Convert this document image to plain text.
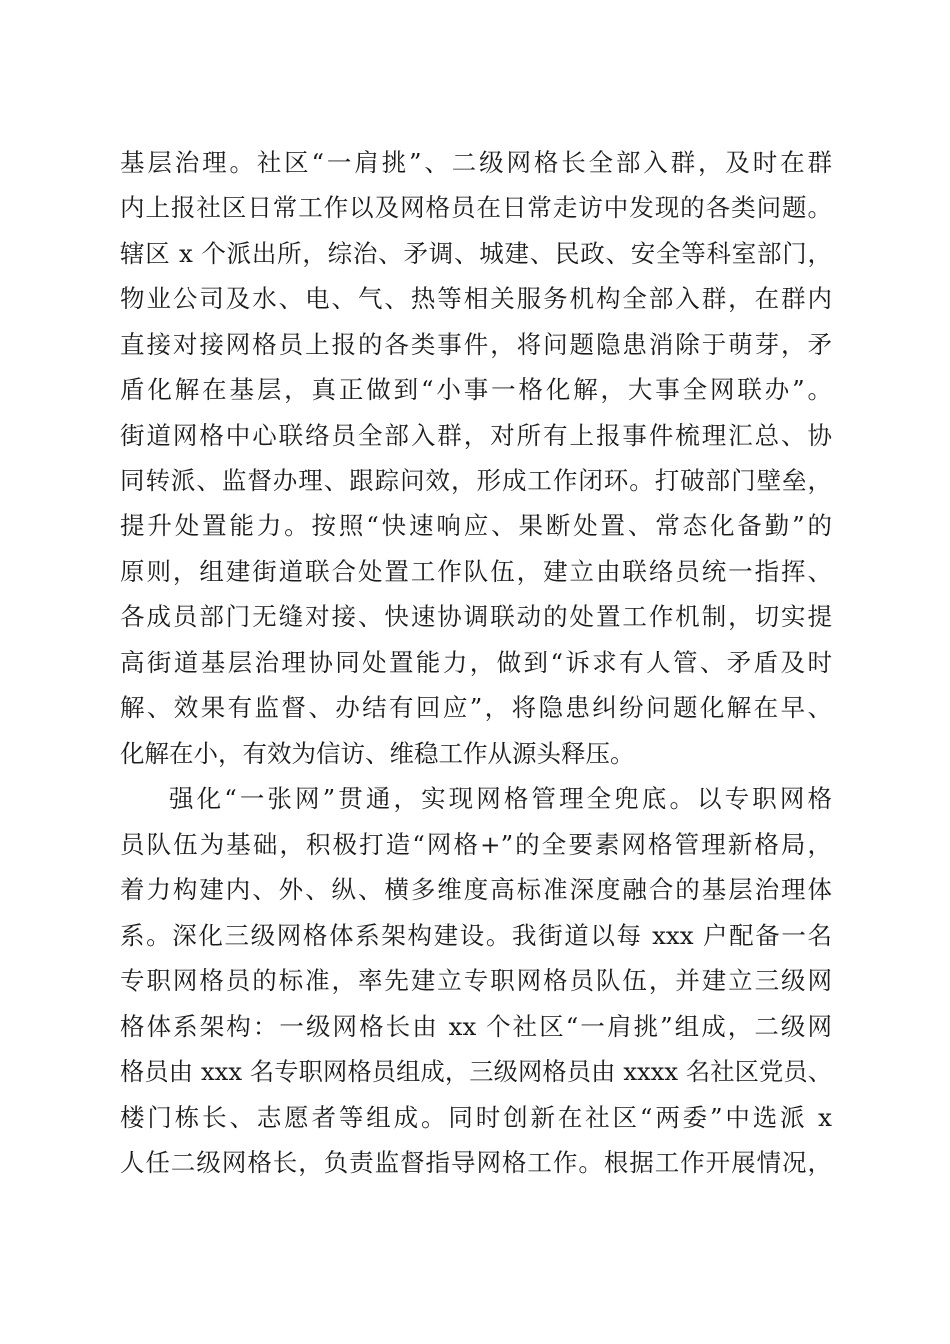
基层治理。社区“一肩挑”、二级网格长全部入群，及时在群

内上报社区日常工作以及网格员在日常走访中发现的各类问题。

辖区 x 个派出所，综治、矛调、城建、民政、安全等科室部门，

物业公司及水、电、气、热等相关服务机构全部入群，在群内

直接对接网格员上报的各类事件，将问题隐患消除于萌芽，矛

盾化解在基层，真正做到“小事一格化解，大事全网联办”。

街道网格中心联络员全部入群，对所有上报事件梳理汇总、协

同转派、监督办理、跟踪问效，形成工作闭环。打破部门壁垒，

提升处置能力。按照“快速响应、果断处置、常态化备勤”的

原则，组建街道联合处置工作队伍，建立由联络员统一指挥、

各成员部门无缝对接、快速协调联动的处置工作机制，切实提

高街道基层治理协同处置能力，做到“诉求有人管、矛盾及时

解、效果有监督、办结有回应”，将隐患纠纷问题化解在早、

化解在小，有效为信访、维稳工作从源头释压。

强化“一张网”贯通，实现网格管理全兜底。以专职网格

员队伍为基础，积极打造“网格+”的全要素网格管理新格局，

着力构建内、外、纵、横多维度高标准深度融合的基层治理体

系。深化三级网格体系架构建设。我街道以每 xxx 户配备一名

专职网格员的标准，率先建立专职网格员队伍，并建立三级网

格体系架构：一级网格长由 xx 个社区“一肩挑”组成，二级网

格员由 xxx 名专职网格员组成，三级网格员由 xxxx 名社区党员、

楼门栋长、志愿者等组成。同时创新在社区“两委”中选派 x

人任二级网格长，负责监督指导网格工作。根据工作开展情况，
